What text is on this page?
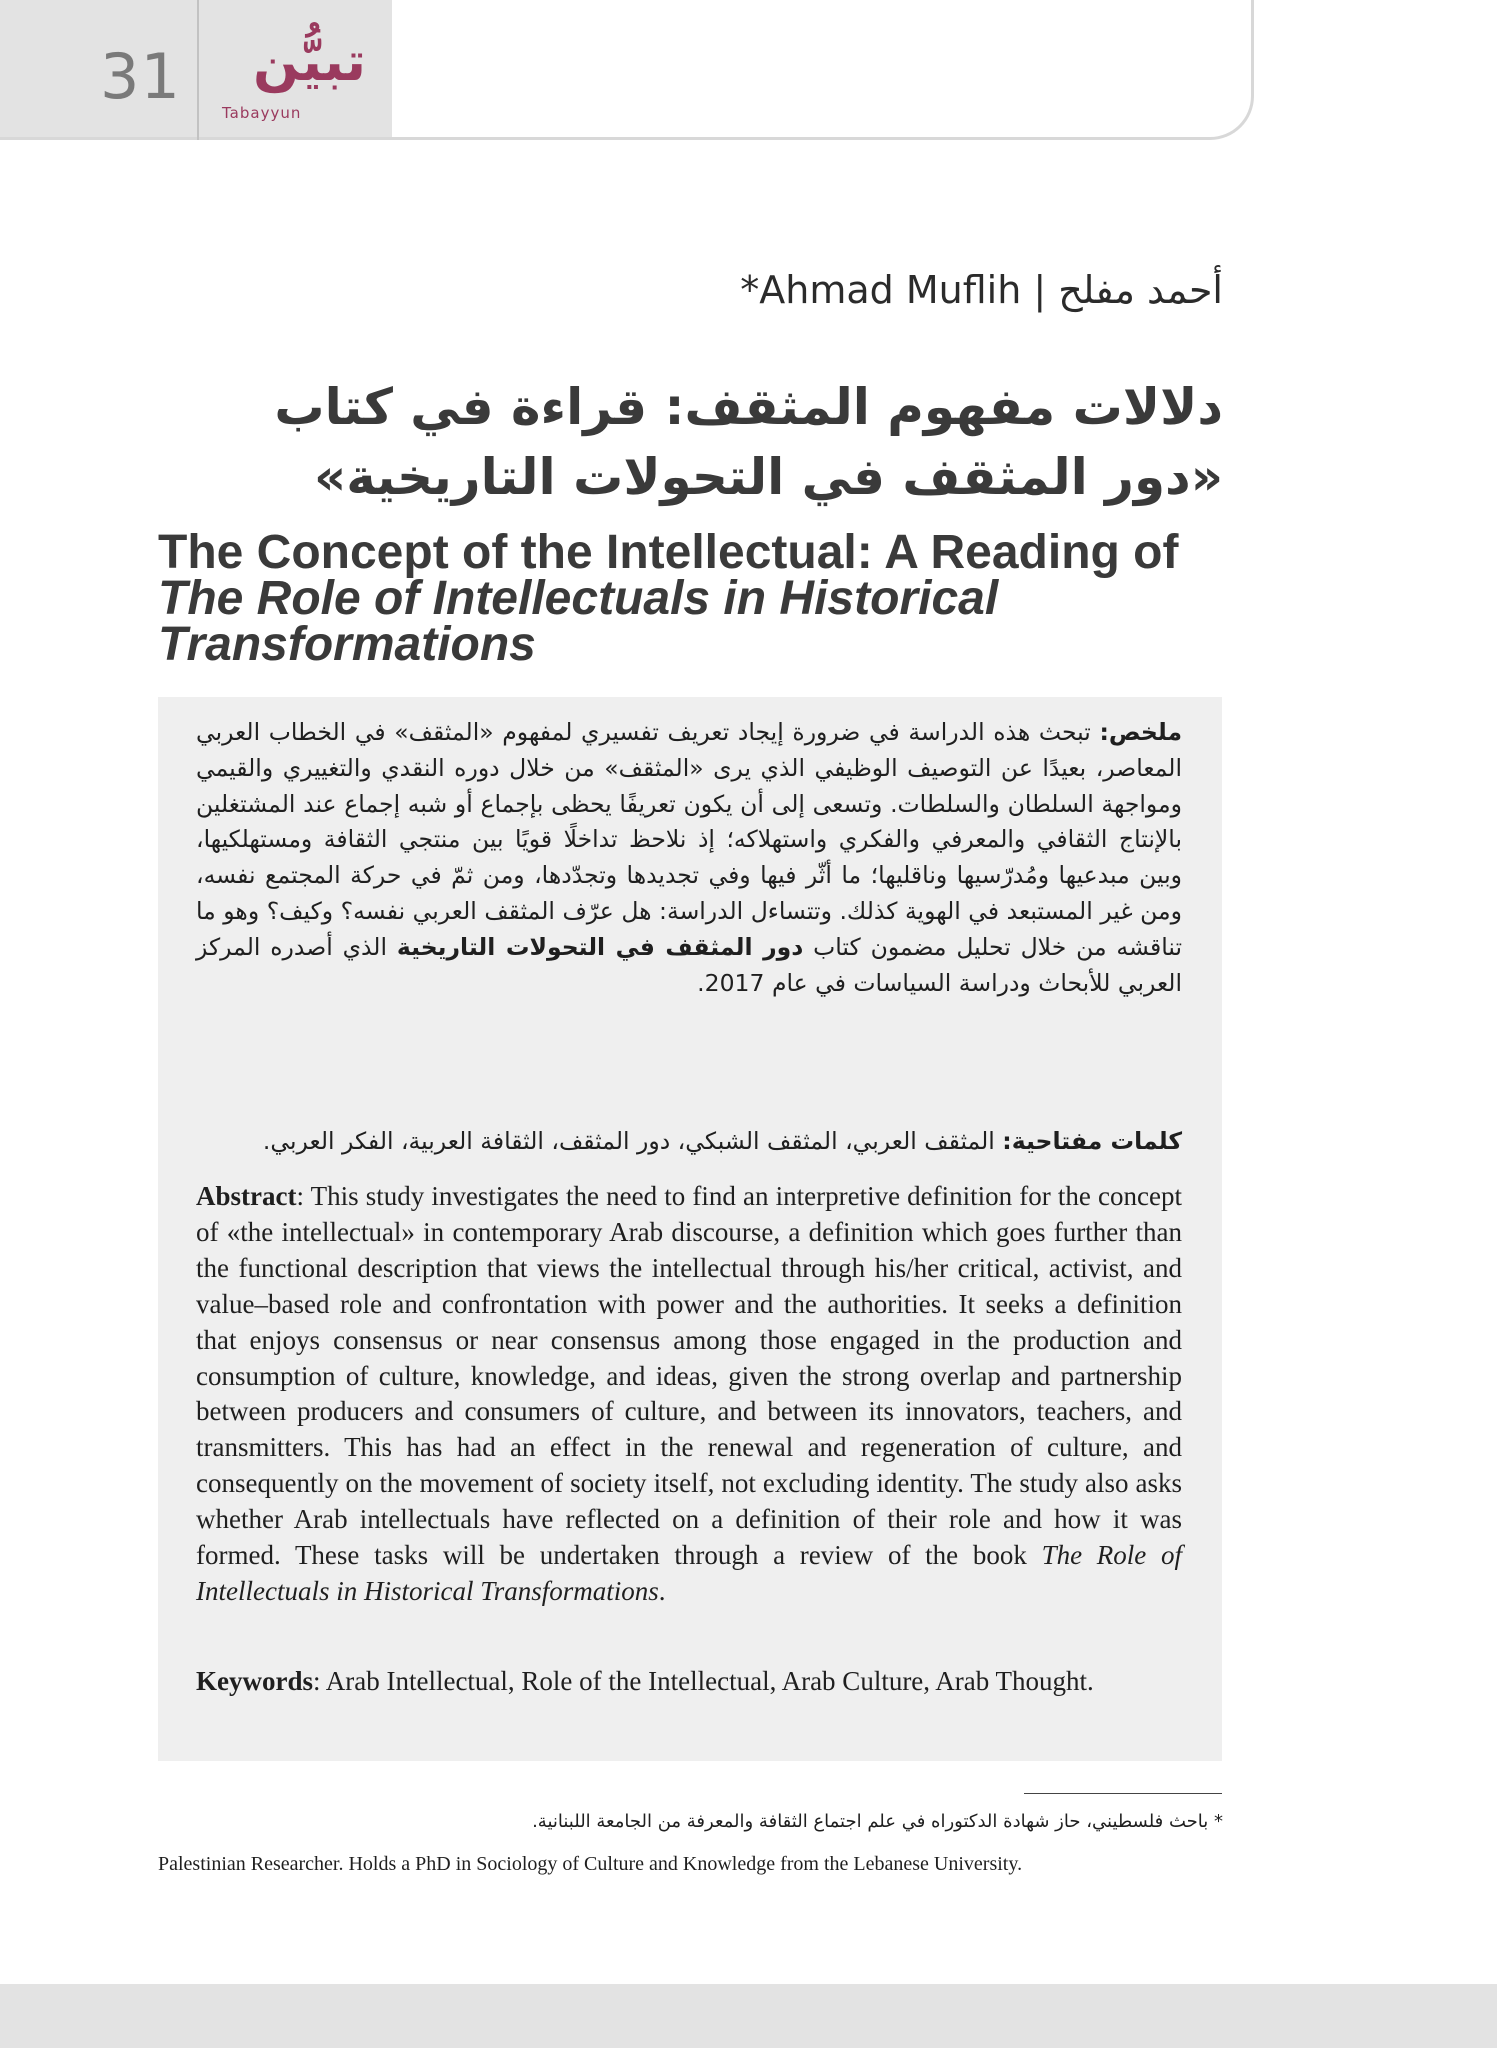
31 تبيُّن
Tabayyun
*Ahmad Muflih | أحمد مفلح
دلالات مفهوم المثقف: قراءة في كتاب
«دور المثقف في التحولات التاريخية»
The Concept of the Intellectual: A Reading of The Role of Intellectuals in Historical Transformations
ملخص: تبحث هذه الدراسة في ضرورة إيجاد تعريف تفسيري لمفهوم «المثقف» في الخطاب العربي المعاصر، بعيدًا عن التوصيف الوظيفي الذي يرى «المثقف» من خلال دوره النقدي والتغييري والقيمي ومواجهة السلطان والسلطات. وتسعى إلى أن يكون تعريفًا يحظى بإجماع أو شبه إجماع عند المشتغلين بالإنتاج الثقافي والمعرفي والفكري واستهلاكه؛ إذ نلاحظ تداخلًا قويًا بين منتجي الثقافة ومستهلكيها، وبين مبدعيها ومُدرّسيها وناقليها؛ ما أثّر فيها وفي تجديدها وتجدّدها، ومن ثمّ في حركة المجتمع نفسه، ومن غير المستبعد في الهوية كذلك. وتتساءل الدراسة: هل عرّف المثقف العربي نفسه؟ وكيف؟ وهو ما تناقشه من خلال تحليل مضمون كتاب دور المثقف في التحولات التاريخية الذي أصدره المركز العربي للأبحاث ودراسة السياسات في عام 2017.
كلمات مفتاحية: المثقف العربي، المثقف الشبكي، دور المثقف، الثقافة العربية، الفكر العربي.
Abstract: This study investigates the need to find an interpretive definition for the concept of «the intellectual» in contemporary Arab discourse, a definition which goes further than the functional description that views the intellectual through his/her critical, activist, and value–based role and confrontation with power and the authorities. It seeks a definition that enjoys consensus or near consensus among those engaged in the production and consumption of culture, knowledge, and ideas, given the strong overlap and partnership between producers and consumers of culture, and between its innovators, teachers, and transmitters. This has had an effect in the renewal and regeneration of culture, and consequently on the movement of society itself, not excluding identity. The study also asks whether Arab intellectuals have reflected on a definition of their role and how it was formed. These tasks will be undertaken through a review of the book The Role of Intellectuals in Historical Transformations.
Keywords: Arab Intellectual, Role of the Intellectual, Arab Culture, Arab Thought.
* باحث فلسطيني، حاز شهادة الدكتوراه في علم اجتماع الثقافة والمعرفة من الجامعة اللبنانية.
Palestinian Researcher. Holds a PhD in Sociology of Culture and Knowledge from the Lebanese University.
